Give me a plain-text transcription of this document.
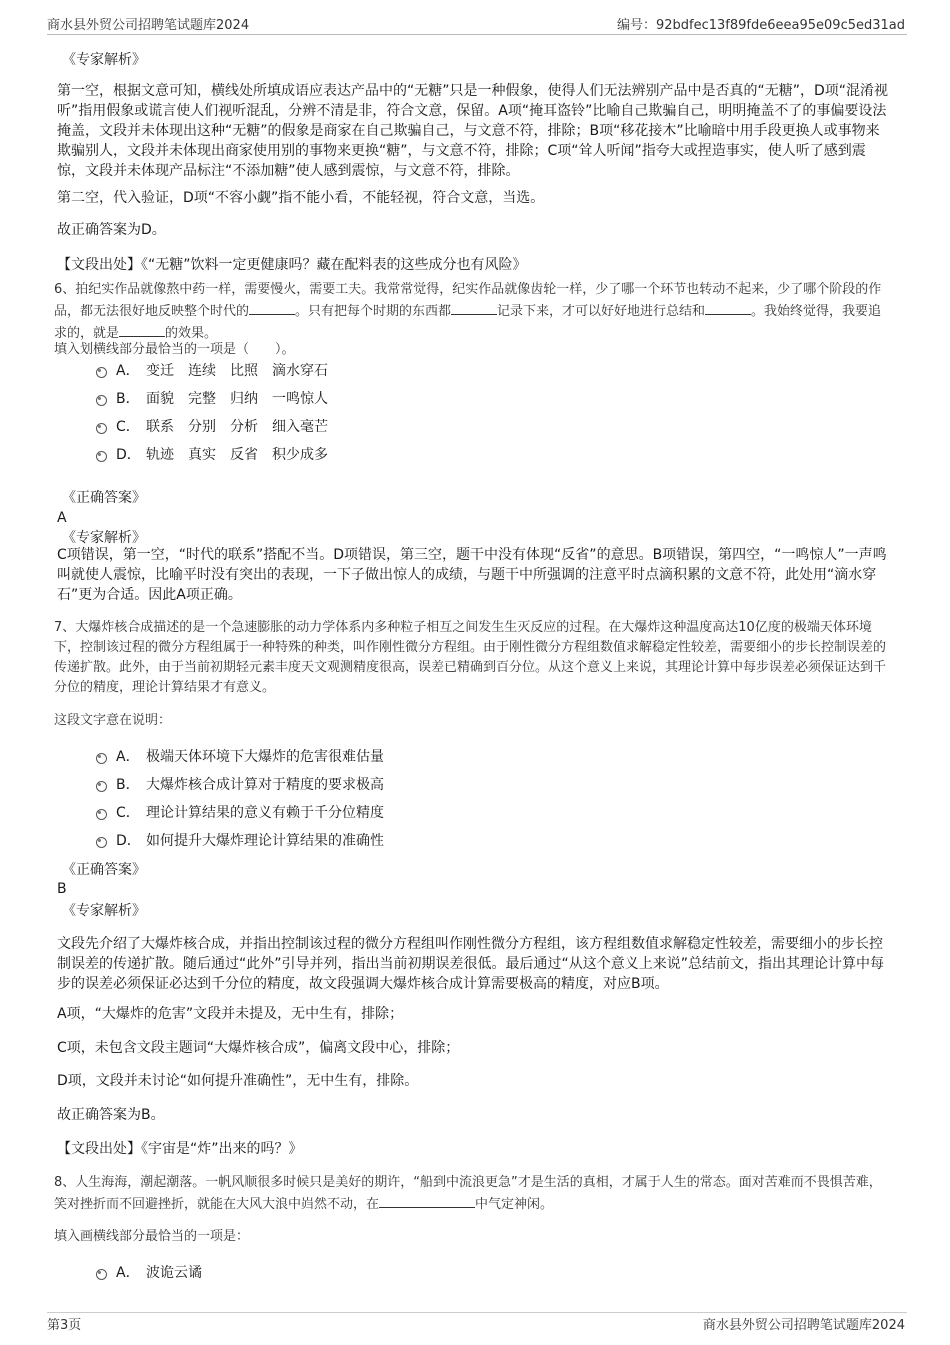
商水县外贸公司招聘笔试题库2024	编号：92bdfec13f89fde6eea95e09c5ed31ad
《专家解析》
第一空，根据文意可知，横线处所填成语应表达产品中的“无糖”只是一种假象，使得人们无法辨别产品中是否真的“无糖”，D项“混淆视听”指用假象或谎言使人们视听混乱，分辨不清是非，符合文意，保留。A项“掩耳盗铃”比喻自己欺骗自己，明明掩盖不了的事偏要设法掩盖，文段并未体现出这种“无糖”的假象是商家在自己欺骗自己，与文意不符，排除；B项“移花接木”比喻暗中用手段更换人或事物来欺骗别人，文段并未体现出商家使用别的事物来更换“糖”，与文意不符，排除；C项“耸人听闻”指夸大或捏造事实，使人听了感到震惊，文段并未体现产品标注“不添加糖”使人感到震惊，与文意不符，排除。
第二空，代入验证，D项“不容小觑”指不能小看，不能轻视，符合文意，当选。
故正确答案为D。
【文段出处】《“无糖”饮料一定更健康吗？藏在配料表的这些成分也有风险》
6、拍纪实作品就像熬中药一样，需要慢火，需要工夫。我常常觉得，纪实作品就像齿轮一样，少了哪一个环节也转动不起来，少了哪个阶段的作品，都无法很好地反映整个时代的	。只有把每个时期的东西都	记录下来，才可以好好地进行总结和	。我始终觉得，我要追求的，就是	的效果。
填入划横线部分最恰当的一项是（　　）。
A． 变迁　连续　比照　滴水穿石
B． 面貌　完整　归纳　一鸣惊人
C． 联系　分别　分析　细入毫芒
D． 轨迹　真实　反省　积少成多
《正确答案》
A
《专家解析》
C项错误，第一空，“时代的联系”搭配不当。D项错误，第三空，题干中没有体现“反省”的意思。B项错误，第四空，“一鸣惊人”一声鸣叫就使人震惊，比喻平时没有突出的表现，一下子做出惊人的成绩，与题干中所强调的注意平时点滴积累的文意不符，此处用“滴水穿石”更为合适。因此A项正确。
7、大爆炸核合成描述的是一个急速膨胀的动力学体系内多种粒子相互之间发生生灭反应的过程。在大爆炸这种温度高达10亿度的极端天体环境下，控制该过程的微分方程组属于一种特殊的种类，叫作刚性微分方程组。由于刚性微分方程组数值求解稳定性较差，需要细小的步长控制误差的传递扩散。此外，由于当前初期轻元素丰度天文观测精度很高，误差已精确到百分位。从这个意义上来说，其理论计算中每步误差必须保证达到千分位的精度，理论计算结果才有意义。
这段文字意在说明：
A． 极端天体环境下大爆炸的危害很难估量
B． 大爆炸核合成计算对于精度的要求极高
C． 理论计算结果的意义有赖于千分位精度
D． 如何提升大爆炸理论计算结果的准确性
《正确答案》
B
《专家解析》
文段先介绍了大爆炸核合成，并指出控制该过程的微分方程组叫作刚性微分方程组，该方程组数值求解稳定性较差，需要细小的步长控制误差的传递扩散。随后通过“此外”引导并列，指出当前初期误差很低。最后通过“从这个意义上来说”总结前文，指出其理论计算中每步的误差必须保证必达到千分位的精度，故文段强调大爆炸核合成计算需要极高的精度，对应B项。
A项，“大爆炸的危害”文段并未提及，无中生有，排除；
C项，未包含文段主题词“大爆炸核合成”，偏离文段中心，排除；
D项，文段并未讨论“如何提升准确性”，无中生有，排除。
故正确答案为B。
【文段出处】《宇宙是“炸”出来的吗？》
8、人生海海，潮起潮落。一帆风顺很多时候只是美好的期许，“船到中流浪更急”才是生活的真相，才属于人生的常态。面对苦难而不畏惧苦难，笑对挫折而不回避挫折，就能在大风大浪中岿然不动，在	中气定神闲。
填入画横线部分最恰当的一项是：
A． 波诡云谲
第3页	商水县外贸公司招聘笔试题库2024
